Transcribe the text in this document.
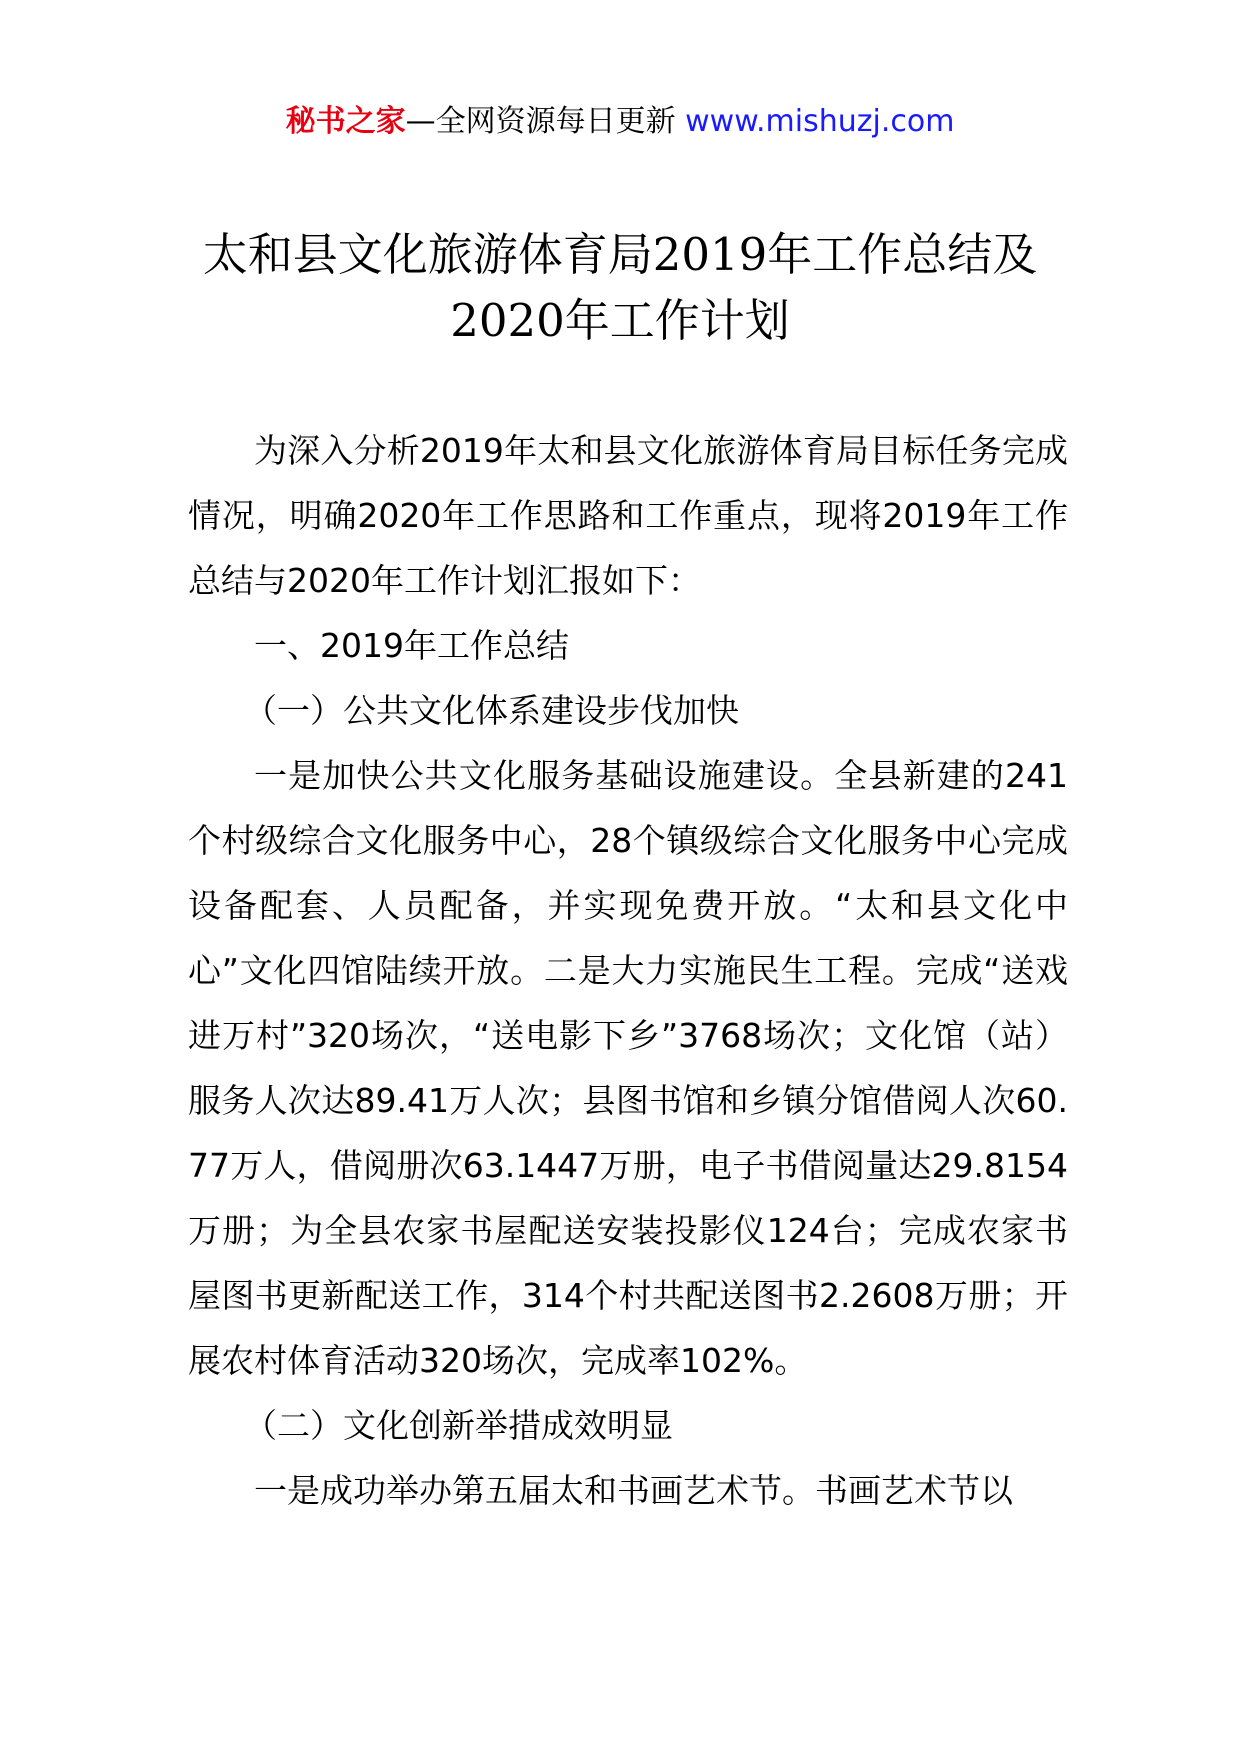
秘书之家—全网资源每日更新 www.mishuzj.com
太和县文化旅游体育局2019年工作总结及
2020年工作计划

为深入分析2019年太和县文化旅游体育局目标任务完成情况，明确2020年工作思路和工作重点，现将2019年工作总结与2020年工作计划汇报如下：

一、2019年工作总结

（一）公共文化体系建设步伐加快

一是加快公共文化服务基础设施建设。全县新建的241个村级综合文化服务中心，28个镇级综合文化服务中心完成设备配套、人员配备，并实现免费开放。“太和县文化中心”文化四馆陆续开放。二是大力实施民生工程。完成“送戏进万村”320场次，“送电影下乡”3768场次；文化馆（站）服务人次达89.41万人次；县图书馆和乡镇分馆借阅人次60.77万人，借阅册次63.1447万册，电子书借阅量达29.8154万册；为全县农家书屋配送安装投影仪124台；完成农家书屋图书更新配送工作，314个村共配送图书2.2608万册；开展农村体育活动320场次，完成率102%。

（二）文化创新举措成效明显

一是成功举办第五届太和书画艺术节。书画艺术节以
